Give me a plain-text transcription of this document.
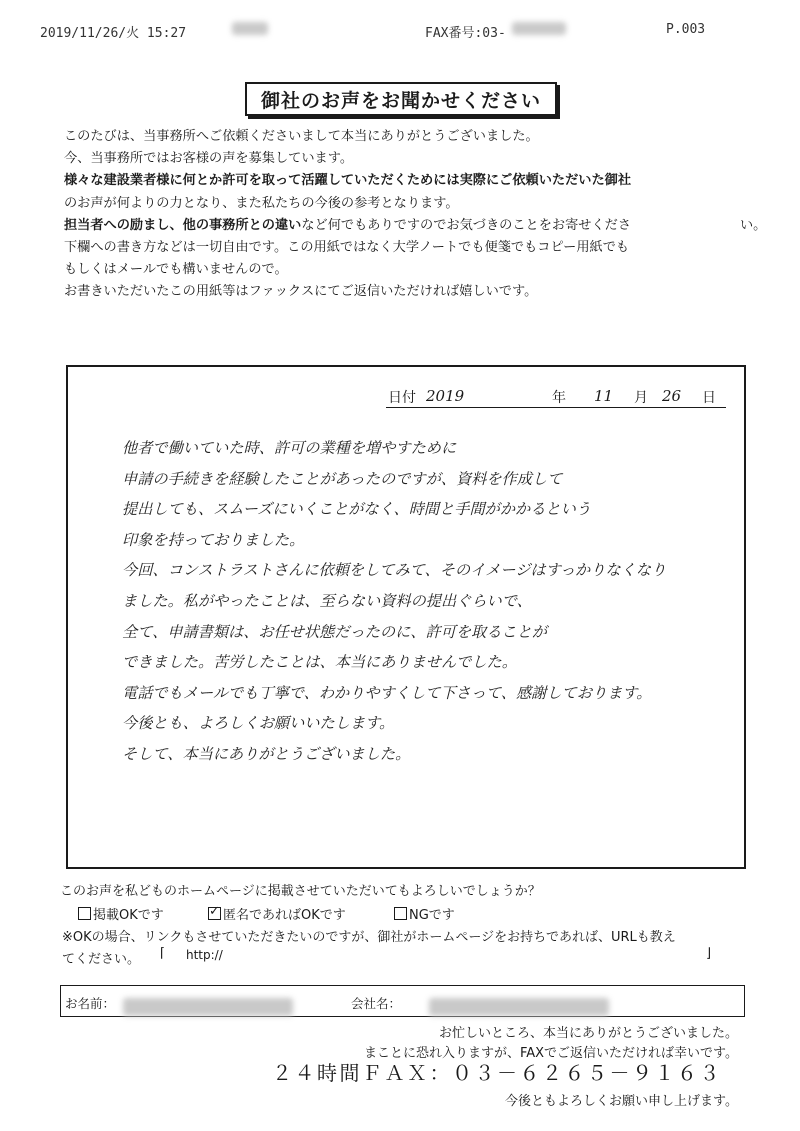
2019/11/26/火 15:27	FAX番号:03-	P.003
御社のお声をお聞かせください

このたびは、当事務所へご依頼くださいまして本当にありがとうございました。

今、当事務所ではお客様の声を募集しています。

様々な建設業者様に何とか許可を取って活躍していただくためには実際にご依頼いただいた御社

のお声が何よりの力となり、また私たちの今後の参考となります。

担当者への励まし、他の事務所との違いなど何でもありですのでお気づきのことをお寄せくださ	い。

下欄への書き方などは一切自由です。この用紙ではなく大学ノートでも便箋でもコピー用紙でも

もしくはメールでも構いませんので。

お書きいただいたこの用紙等はファックスにてご返信いただければ嬉しいです。

日付 2019	年 11 月 26 日

他者で働いていた時、許可の業種を増やすために

申請の手続きを経験したことがあったのですが、資料を作成して

提出しても、スムーズにいくことがなく、時間と手間がかかるという

印象を持っておりました。

今回、コンストラストさんに依頼をしてみて、そのイメージはすっかりなくなり

ました。私がやったことは、至らない資料の提出ぐらいで、

全て、申請書類は、お任せ状態だったのに、許可を取ることが

できました。苦労したことは、本当にありませんでした。

電話でもメールでも丁寧で、わかりやすくして下さって、感謝しております。

今後とも、よろしくお願いいたします。

そして、本当にありがとうございました。

このお声を私どものホームページに掲載させていただいてもよろしいでしょうか？
掲載OKです
✓	匿名であればOKです	NGです
※OKの場合、リンクもさせていただきたいのですが、御社がホームページをお持ちであれば、URLも教え
てください。 ⌈ http://	⌋
お名前：	会社名：
お忙しいところ、本当にありがとうございました。
まことに恐れ入りますが、FAXでご返信いただければ幸いです。
２４時間ＦＡＸ：０３－６２６５－９１６３
今後ともよろしくお願い申し上げます。
